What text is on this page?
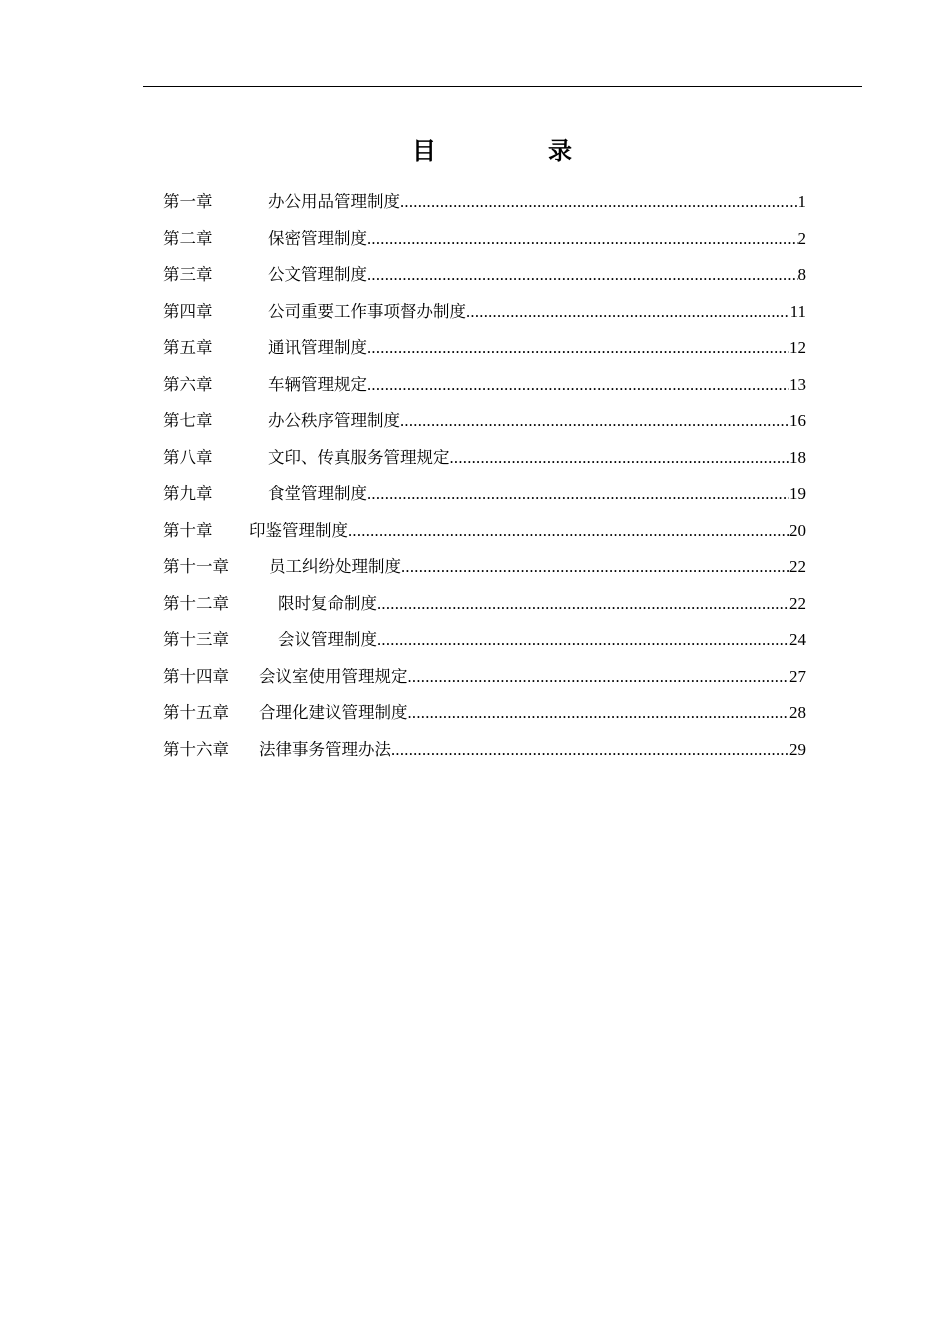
目　录
第一章	办公用品管理制度 .....	1
第二章	保密管理制度 .....	2
第三章	公文管理制度 .....	8
第四章	公司重要工作事项督办制度 .....	11
第五章	通讯管理制度 .....	12
第六章	车辆管理规定 .....	13
第七章	办公秩序管理制度 .....	16
第八章	文印、传真服务管理规定 .....	18
第九章	食堂管理制度 .....	19
第十章	印鉴管理制度 .....	20
第十一章	员工纠纷处理制度 .....	22
第十二章	限时复命制度 .....	22
第十三章	会议管理制度 .....	24
第十四章	会议室使用管理规定 .....	27
第十五章	合理化建议管理制度 .....	28
第十六章	法律事务管理办法 .....	29
